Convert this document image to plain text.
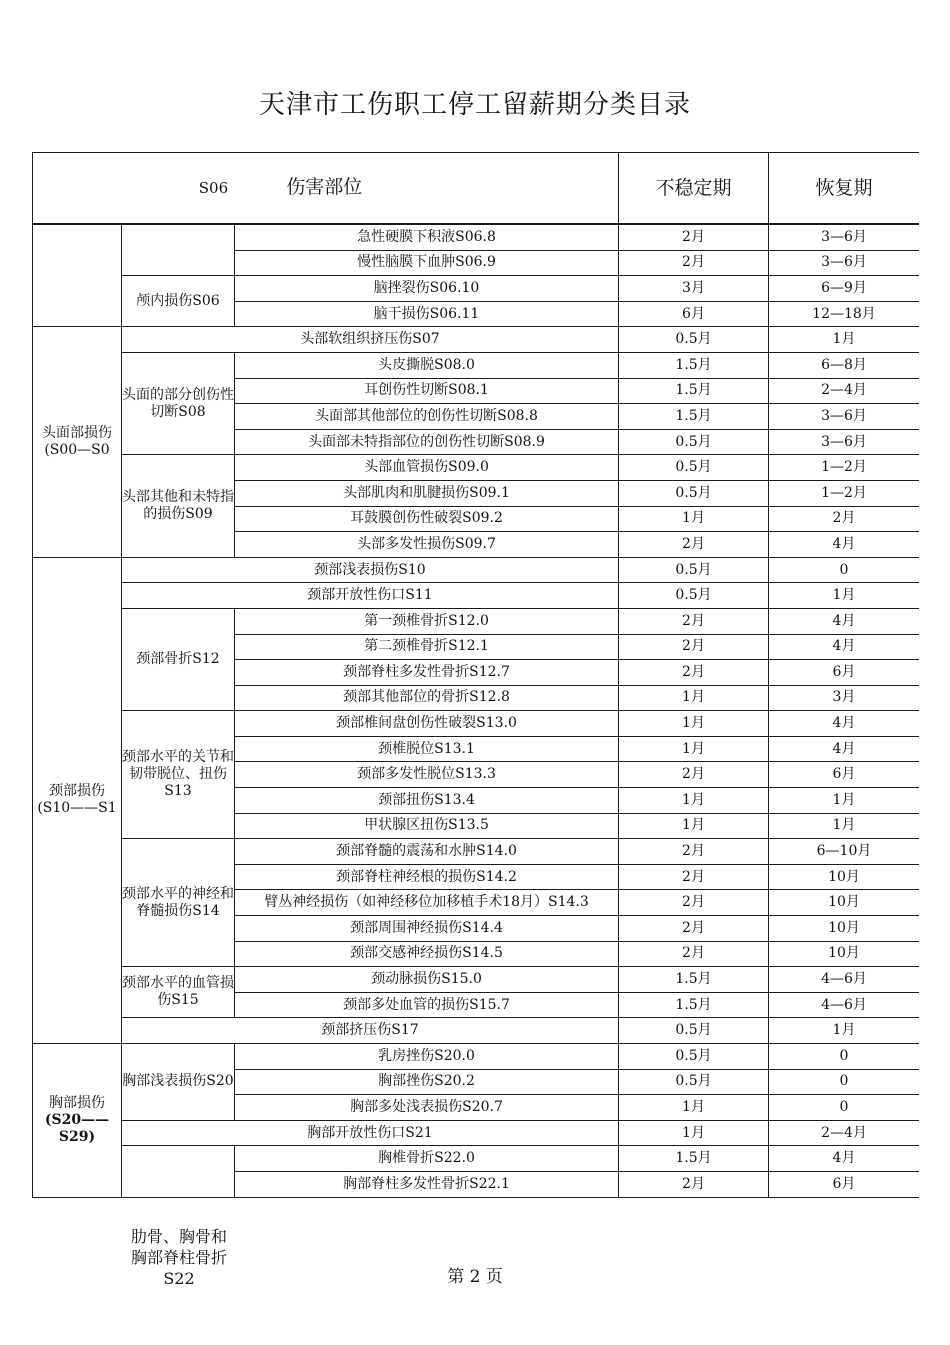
天津市工伤职工停工留薪期分类目录
S06 伤害部位			不稳定期	恢复期
		急性硬膜下积液S06.8	2月	3—6月
		慢性脑膜下血肿S06.9	2月	3—6月
	颅内损伤S06	脑挫裂伤S06.10	3月	6—9月
		脑干损伤S06.11	6月	12—18月
头面部损伤(S00—S0	头部软组织挤压伤S07		0.5月	1月
	头面的部分创伤性切断S08	头皮撕脱S08.0	1.5月	6—8月
		耳创伤性切断S08.1	1.5月	2—4月
		头面部其他部位的创伤性切断S08.8	1.5月	3—6月
		头面部未特指部位的创伤性切断S08.9	0.5月	3—6月
	头部其他和未特指的损伤S09	头部血管损伤S09.0	0.5月	1—2月
		头部肌肉和肌腱损伤S09.1	0.5月	1—2月
		耳鼓膜创伤性破裂S09.2	1月	2月
		头部多发性损伤S09.7	2月	4月
颈部损伤(S10——S1	颈部浅表损伤S10		0.5月	0
	颈部开放性伤口S11		0.5月	1月
	颈部骨折S12	第一颈椎骨折S12.0	2月	4月
		第二颈椎骨折S12.1	2月	4月
		颈部脊柱多发性骨折S12.7	2月	6月
		颈部其他部位的骨折S12.8	1月	3月
	颈部水平的关节和韧带脱位、扭伤S13	颈部椎间盘创伤性破裂S13.0	1月	4月
		颈椎脱位S13.1	1月	4月
		颈部多发性脱位S13.3	2月	6月
		颈部扭伤S13.4	1月	1月
		甲状腺区扭伤S13.5	1月	1月
	颈部水平的神经和脊髓损伤S14	颈部脊髓的震荡和水肿S14.0	2月	6—10月
		颈部脊柱神经根的损伤S14.2	2月	10月
		臂丛神经损伤（如神经移位加移植手术18月）S14.3	2月	10月
		颈部周围神经损伤S14.4	2月	10月
		颈部交感神经损伤S14.5	2月	10月
	颈部水平的血管损伤S15	颈动脉损伤S15.0	1.5月	4—6月
		颈部多处血管的损伤S15.7	1.5月	4—6月
	颈部挤压伤S17		0.5月	1月
胸部损伤
(S20——S29)	胸部浅表损伤S20	乳房挫伤S20.0	0.5月	0
		胸部挫伤S20.2	0.5月	0
		胸部多处浅表损伤S20.7	1月	0
	胸部开放性伤口S21		1月	2—4月
		胸椎骨折S22.0	1.5月	4月
		胸部脊柱多发性骨折S22.1	2月	6月
肋骨、胸骨和胸部脊柱骨折S22	第 2 页
